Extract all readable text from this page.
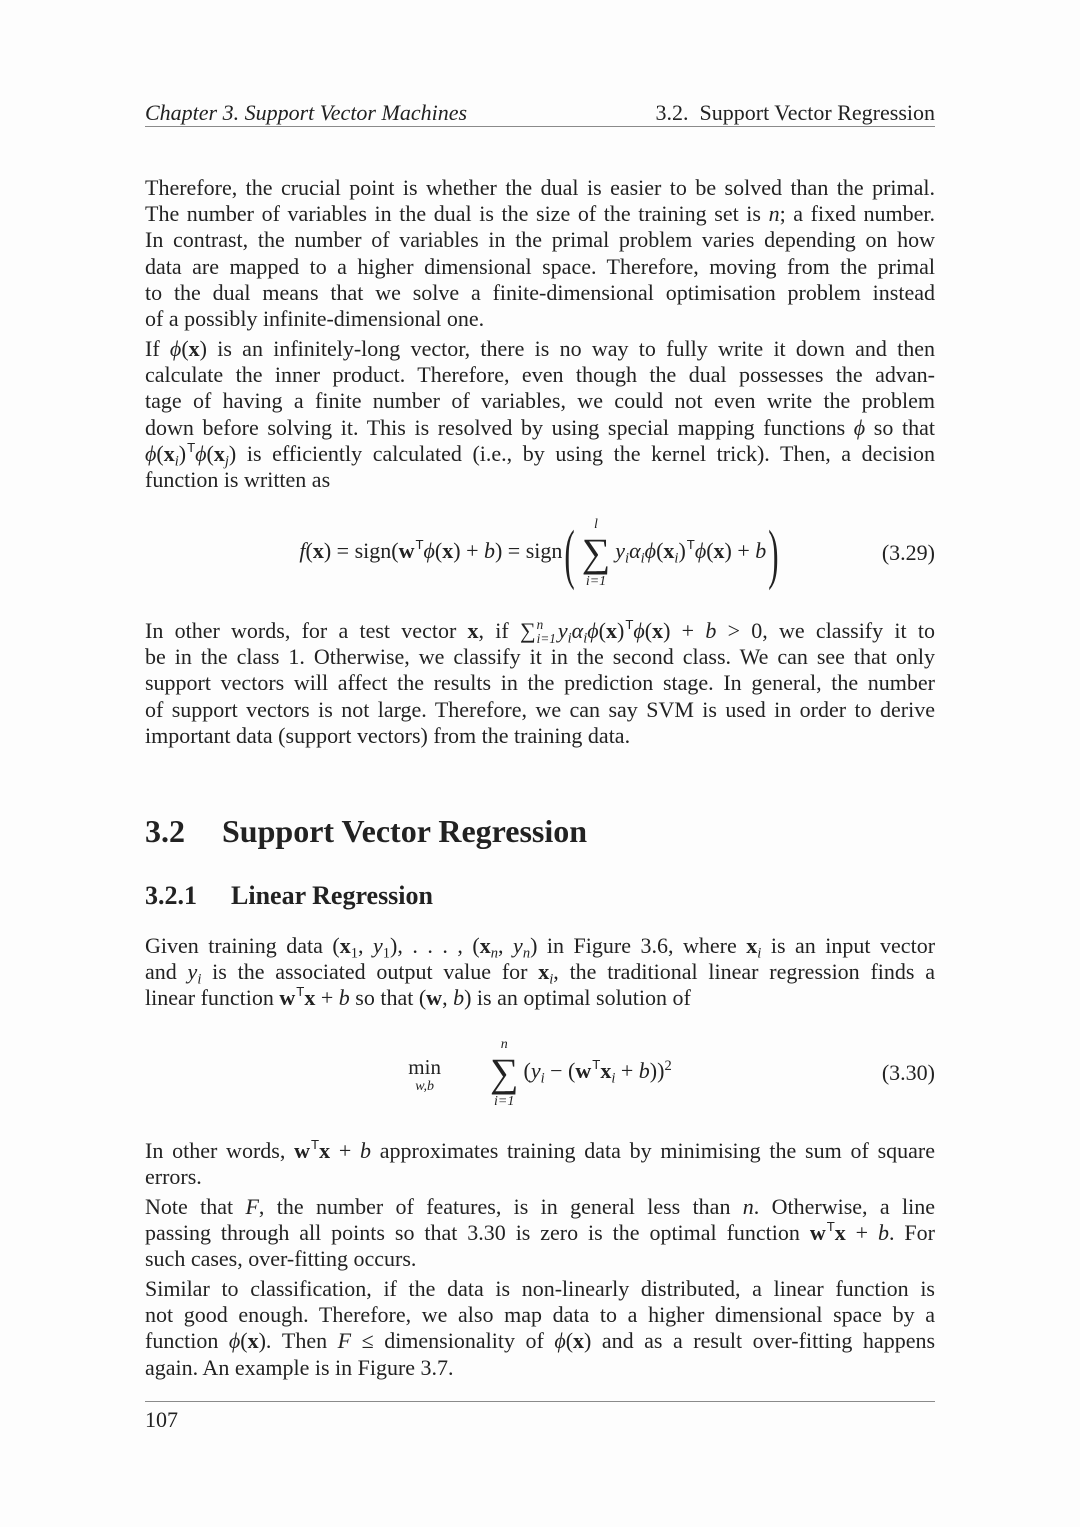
Chapter 3. Support Vector Machines	3.2.  Support Vector Regression
Therefore, the crucial point is whether the dual is easier to be solved than the primal.
The number of variables in the dual is the size of the training set is n; a fixed number.
In contrast, the number of variables in the primal problem varies depending on how
data are mapped to a higher dimensional space. Therefore, moving from the primal
to the dual means that we solve a finite-dimensional optimisation problem instead
of a possibly infinite-dimensional one.
If ϕ(x) is an infinitely-long vector, there is no way to fully write it down and then
calculate the inner product. Therefore, even though the dual possesses the advan-
tage of having a finite number of variables, we could not even write the problem
down before solving it. This is resolved by using special mapping functions ϕ so that
ϕ(xi)$^T$ϕ(xj) is efficiently calculated (i.e., by using the kernel trick). Then, a decision
function is written as
$f(x) = sign(w^T\phi(x) + b)$ = sign( l
∑
i=1
yiαiϕ(xi)$^T$ϕ(x) + b)	(3.29)
In other words, for a test vector x, if ∑ n
i=1 $yi\alpha i\phi(x)^T\phi(x) + b > 0$, we classify it to
be in the class 1. Otherwise, we classify it in the second class. We can see that only
support vectors will affect the results in the prediction stage. In general, the number
of support vectors is not large. Therefore, we can say SVM is used in order to derive
important data (support vectors) from the training data.
3.2 Support Vector Regression
3.2.1 Linear Regression
Given training data (x1, y1), . . . , (xn, yn) in Figure 3.6, where xi is an input vector
and yi is the associated output value for xi, the traditional linear regression finds a
linear function $w^Tx + b$ so that (w, b) is an optimal solution of
min
w,b
n
∑
i=1
$(yi - (w^Txi + b))^2$	(3.30)
In other words, $w^Tx + b$ approximates training data by minimising the sum of square
errors.
Note that F, the number of features, is in general less than n. Otherwise, a line
passing through all points so that 3.30 is zero is the optimal function $w^Tx + b$. For
such cases, over-fitting occurs.
Similar to classification, if the data is non-linearly distributed, a linear function is
not good enough. Therefore, we also map data to a higher dimensional space by a
function ϕ(x). Then F ≤ dimensionality of ϕ(x) and as a result over-fitting happens
again. An example is in Figure 3.7.
107
